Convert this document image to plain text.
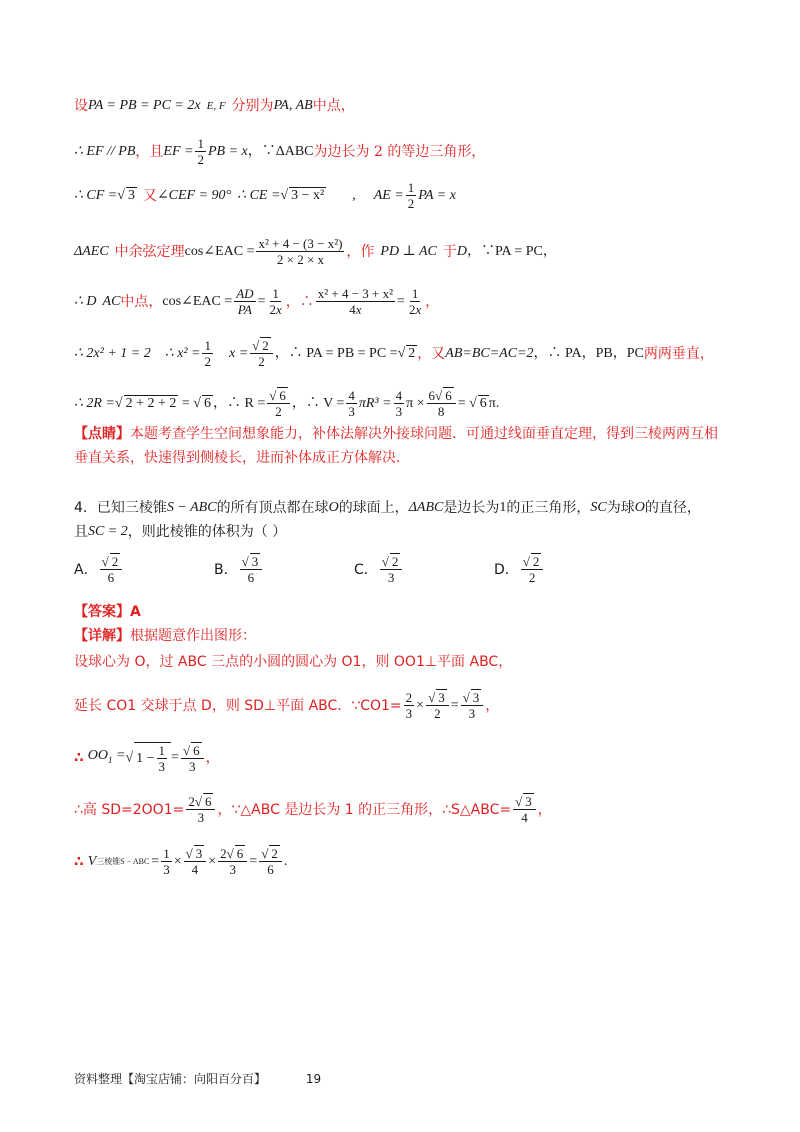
设 PA = PB = PC = 2x E, F 分别为 PA, AB 中点，
∴ EF // PB ，且 EF = $\frac{1}{2}$ PB = x ，∵ΔABC 为边长为 2 的等边三角形，
∴ CF = √ 3 又 ∠CEF = 90° ∴ CE = √ 3 − x² , AE = $\frac{1}{2}$ PA = x
ΔAEC 中余弦定理 cos∠EAC = $\frac{\text{x² + 4 − (3 − x²)}}{2 \times 2 \times x}$ ，作 PD ⊥ AC 于 D ，∵PA = PC，
∴ D AC 中点， cos∠EAC = $\frac{AD}{PA} = \frac{1}{2x}$ ，∴ $\frac{\text{x² + 4 − 3 + x²}}{4x} = \frac{1}{2x}$ ，
∴ 2x² + 1 = 2 ∴ $x^2 = \frac{1}{2}$ $x = \frac{√ 2}{2}$ ，∴ PA = PB = PC = √ 2 ，又 AB=BC=AC=2 ，∴ PA，PB，PC 两两垂直，
∴ 2R = √ 2 + 2 + 2 = √ 6 ，∴ $R = \frac{√ 6}{2}$ ，∴ $V = \frac{4}{3} \pi R^3 = \frac{4}{3}$ $\pi \times \frac{6√ 6}{8}$ = √ 6 π.
【点睛】 本题考查学生空间想象能力，补体法解决外接球问题．可通过线面垂直定理，得到三棱两两互相
垂直关系，快速得到侧棱长，进而补体成正方体解决.
4． 已知三棱锥 S − ABC 的所有顶点都在球 O 的球面上， ΔABC 是边长为 1 的正三角形， SC 为球 O 的直径，
且 SC = 2 ，则此棱锥的体积为（ ）
A． $\frac{√ 2}{6}$	B． $\frac{√ 3}{6}$	C． $\frac{√ 2}{3}$	D． $\frac{√ 2}{2}$
【答案】 A
【详解】 根据题意作出图形：
设球心为 O，过 ABC 三点的小圆的圆心为 O1，则 OO1⊥平面 ABC，
延长 CO1 交球于点 D，则 SD⊥平面 ABC．∵CO1= $\frac{2}{3} \times \frac{√ 3}{2} = \frac{√ 3}{3}$ ，
∴ $OO_1$ = √ $1 - \frac{1}{3} = \frac{√ 6}{3}$ ，
∴高 $SD=2OO1= \frac{2√ 6}{3}$ ，∵△ABC 是边长为 1 的正三角形，∴S△ABC= $\frac{√ 3}{4}$ ，
∴ V 三棱锥S − ABC = $\frac{1}{3} \times \frac{√ 3}{4} \times \frac{2√ 6}{3} = \frac{√ 2}{6}$ .
资料整理【淘宝店铺：向阳百分百】	19
